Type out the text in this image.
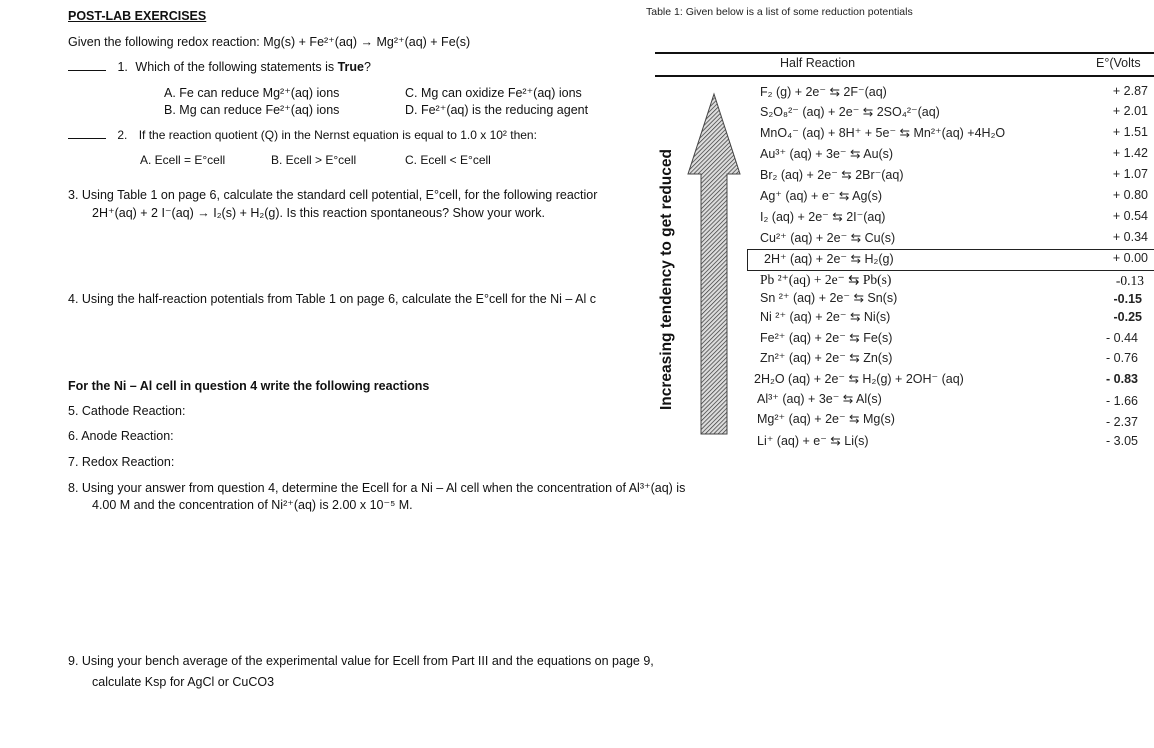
POST-LAB EXERCISES
Given the following redox reaction: Mg(s) + Fe²⁺(aq) → Mg²⁺(aq) + Fe(s)
1. Which of the following statements is True?
A. Fe can reduce Mg²⁺(aq) ions
B. Mg can reduce Fe²⁺(aq) ions
C. Mg can oxidize Fe²⁺(aq) ions
D. Fe²⁺(aq) is the reducing agent
2. If the reaction quotient (Q) in the Nernst equation is equal to 1.0 x 10² then:
A. Ecell = E°cell	B. Ecell > E°cell	C. Ecell < E°cell
3. Using Table 1 on page 6, calculate the standard cell potential, E°cell, for the following reactior
2H⁺(aq) + 2 I⁻(aq) → I₂(s) + H₂(g). Is this reaction spontaneous? Show your work.
4. Using the half-reaction potentials from Table 1 on page 6, calculate the E°cell for the Ni – Al c
For the Ni – Al cell in question 4 write the following reactions
5. Cathode Reaction:
6. Anode Reaction:
7. Redox Reaction:
8. Using your answer from question 4, determine the Ecell for a Ni – Al cell when the concentration of Al³⁺(aq) is
4.00 M and the concentration of Ni²⁺(aq) is 2.00 x 10⁻⁵ M.
9. Using your bench average of the experimental value for Ecell from Part III and the equations on page 9,
calculate Ksp for AgCl or CuCO3
Table 1: Given below is a list of some reduction potentials
Half Reaction	E°(Volts
Increasing tendency to get reduced
F₂ (g) + 2e⁻ ⇆ 2F⁻(aq)	+ 2.87
S₂O₈²⁻ (aq) + 2e⁻ ⇆ 2SO₄²⁻(aq)	+ 2.01
MnO₄⁻ (aq) + 8H⁺ + 5e⁻ ⇆ Mn²⁺(aq) +4H₂O	+ 1.51
Au³⁺ (aq) + 3e⁻ ⇆ Au(s)	+ 1.42
Br₂ (aq) + 2e⁻ ⇆ 2Br⁻(aq)	+ 1.07
Ag⁺ (aq) + e⁻ ⇆ Ag(s)	+ 0.80
I₂ (aq) + 2e⁻ ⇆ 2I⁻(aq)	+ 0.54
Cu²⁺ (aq) + 2e⁻ ⇆ Cu(s)	+ 0.34
2H⁺ (aq) + 2e⁻ ⇆ H₂(g)	+ 0.00
Pb ²⁺(aq) + 2e⁻ ⇆ Pb(s)	-0.13
Sn ²⁺ (aq) + 2e⁻ ⇆ Sn(s)	-0.15
Ni ²⁺ (aq) + 2e⁻ ⇆ Ni(s)	-0.25
Fe²⁺ (aq) + 2e⁻ ⇆ Fe(s)	- 0.44
Zn²⁺ (aq) + 2e⁻ ⇆ Zn(s)	- 0.76
2H₂O (aq) + 2e⁻ ⇆ H₂(g) + 2OH⁻ (aq)	- 0.83
Al³⁺ (aq) + 3e⁻ ⇆ Al(s)	- 1.66
Mg²⁺ (aq) + 2e⁻ ⇆ Mg(s)	- 2.37
Li⁺ (aq) + e⁻ ⇆ Li(s)	- 3.05
